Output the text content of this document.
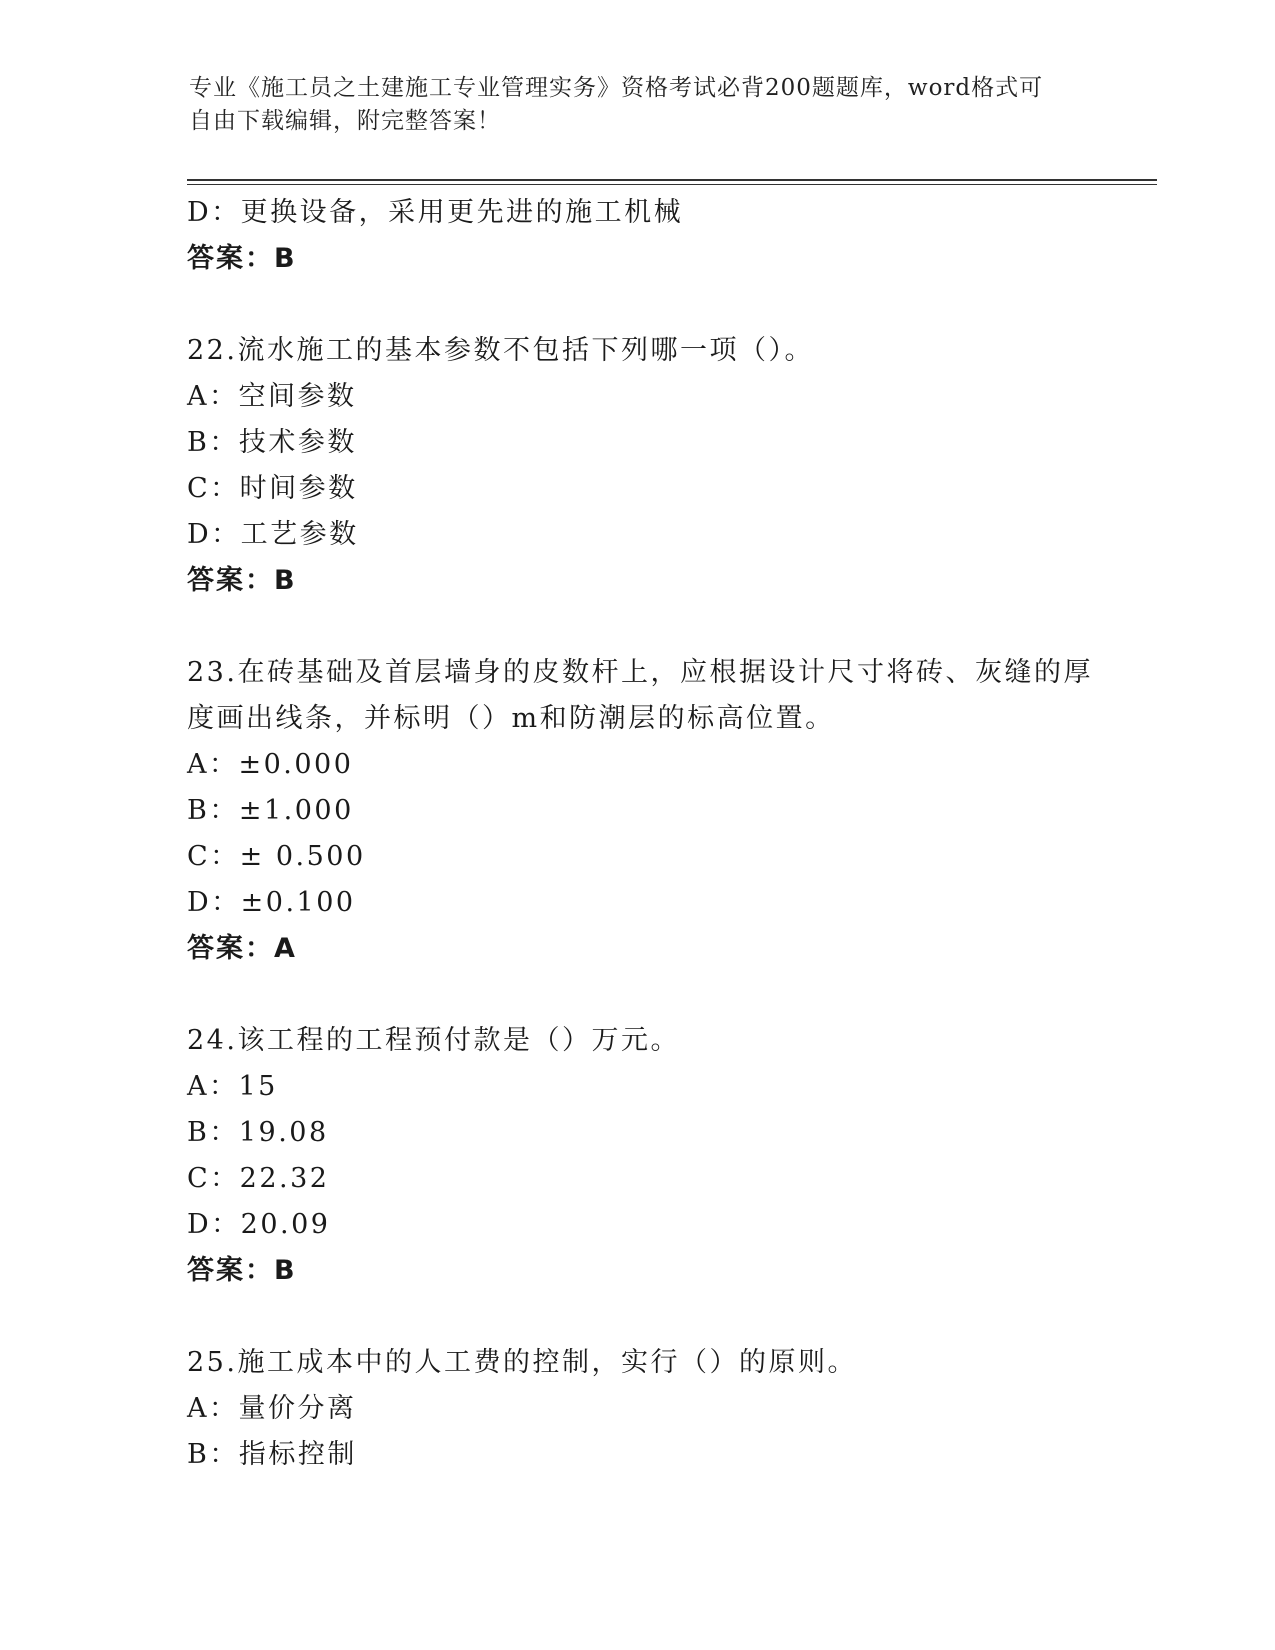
专业《施工员之土建施工专业管理实务》资格考试必背200题题库，word格式可
自由下载编辑，附完整答案！
D：更换设备，采用更先进的施工机械
答案：B
22.流水施工的基本参数不包括下列哪一项（）。
A：空间参数
B：技术参数
C：时间参数
D：工艺参数
答案：B
23.在砖基础及首层墙身的皮数杆上，应根据设计尺寸将砖、灰缝的厚
度画出线条，并标明（）m和防潮层的标高位置。
A：±0.000
B：±1.000
C：± 0.500
D：±0.100
答案：A
24.该工程的工程预付款是（）万元。
A：15
B：19.08
C：22.32
D：20.09
答案：B
25.施工成本中的人工费的控制，实行（）的原则。
A：量价分离
B：指标控制
